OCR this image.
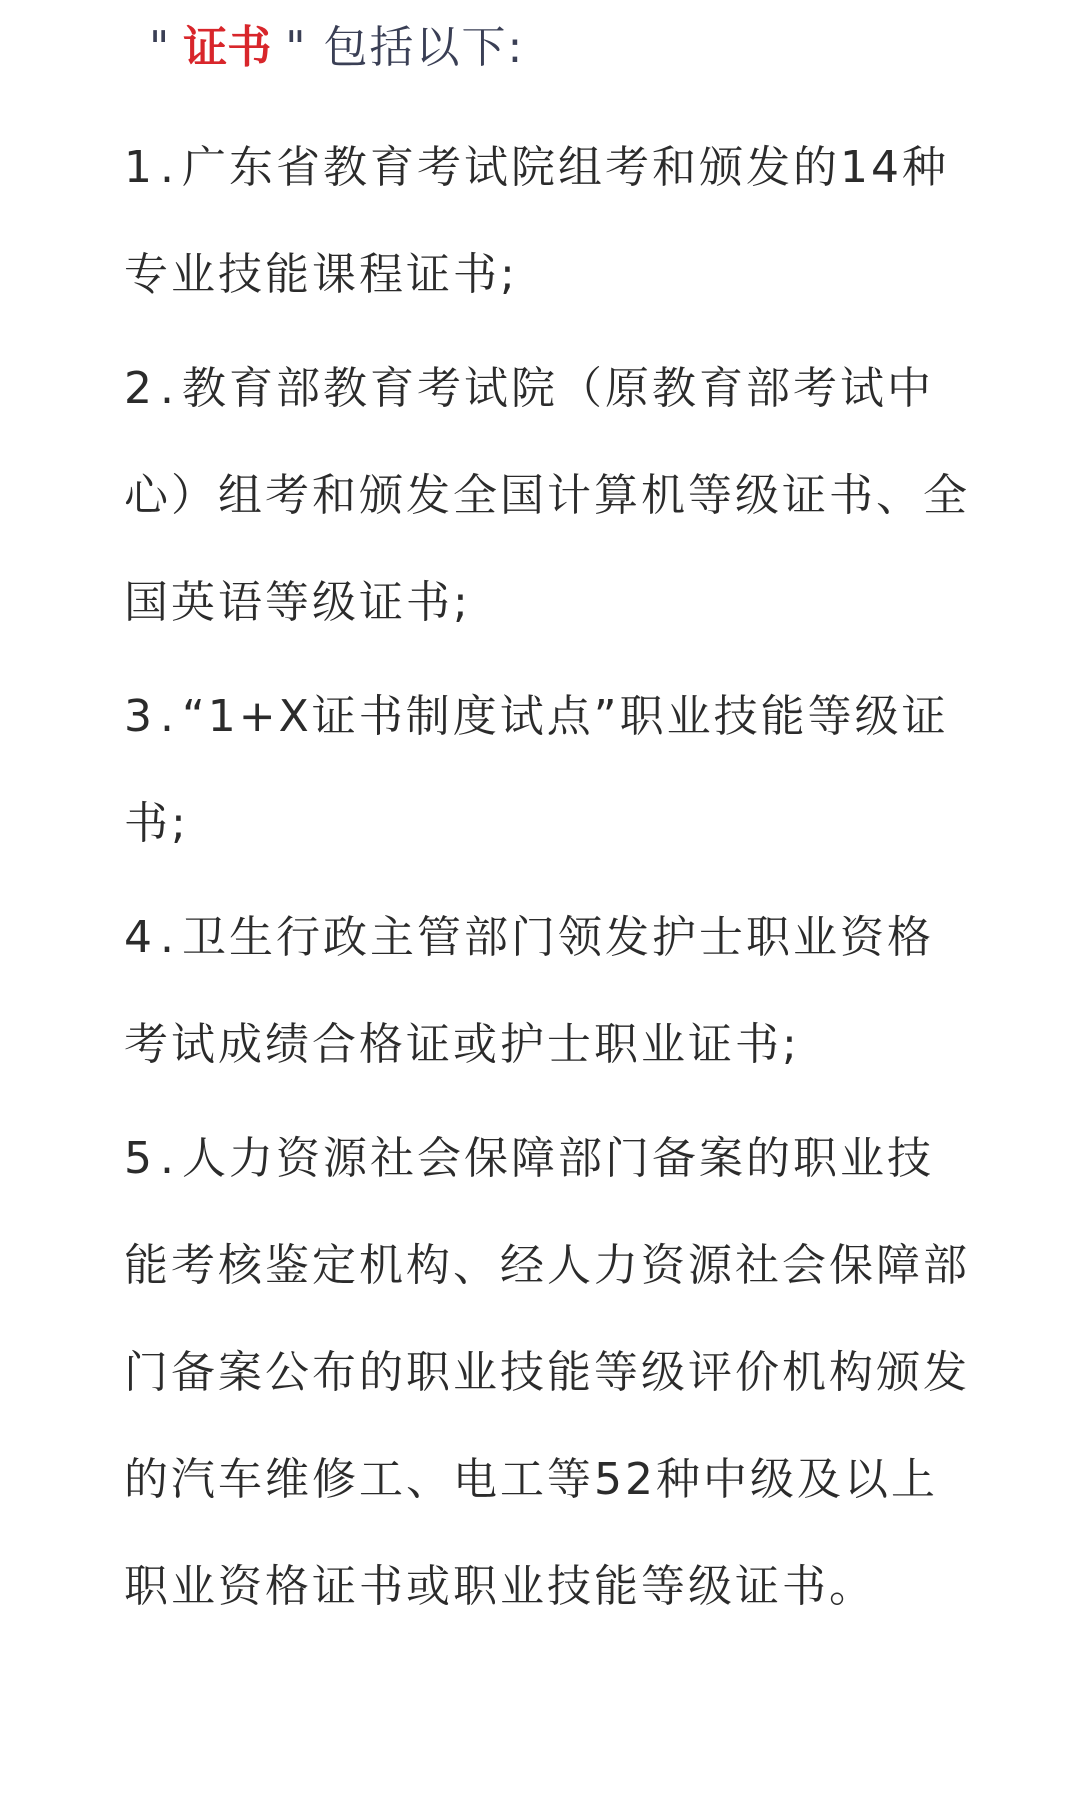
" 证书 " 包括以下:
1 . 广东省教育考试院组考和颁发的14种专业技能课程证书;
2 . 教育部教育考试院（原教育部考试中心）组考和颁发全国计算机等级证书、全国英语等级证书;
3 . “1+X证书制度试点”职业技能等级证书;
4 . 卫生行政主管部门领发护士职业资格考试成绩合格证或护士职业证书;
5 . 人力资源社会保障部门备案的职业技能考核鉴定机构、经人力资源社会保障部门备案公布的职业技能等级评价机构颁发的汽车维修工、电工等52种中级及以上职业资格证书或职业技能等级证书。
